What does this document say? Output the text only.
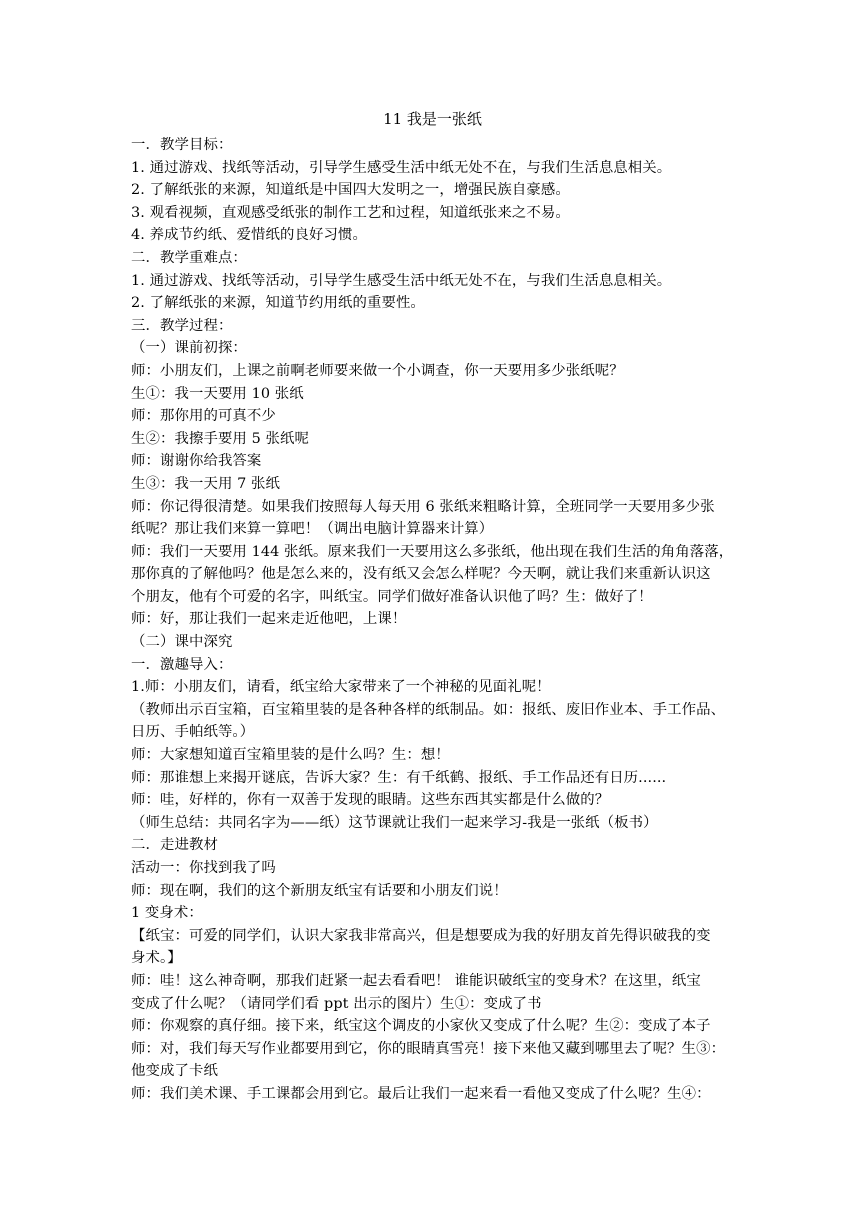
11 我是一张纸

一．教学目标：

1. 通过游戏、找纸等活动，引导学生感受生活中纸无处不在，与我们生活息息相关。

2. 了解纸张的来源，知道纸是中国四大发明之一，增强民族自豪感。

3. 观看视频，直观感受纸张的制作工艺和过程，知道纸张来之不易。

4. 养成节约纸、爱惜纸的良好习惯。

二．教学重难点：

1. 通过游戏、找纸等活动，引导学生感受生活中纸无处不在，与我们生活息息相关。

2. 了解纸张的来源，知道节约用纸的重要性。

三．教学过程：

（一）课前初探：

师：小朋友们，上课之前啊老师要来做一个小调查，你一天要用多少张纸呢？

生①：我一天要用 10 张纸

师：那你用的可真不少

生②：我擦手要用 5 张纸呢

师：谢谢你给我答案

生③：我一天用 7 张纸

师：你记得很清楚。如果我们按照每人每天用 6 张纸来粗略计算，全班同学一天要用多少张

纸呢？那让我们来算一算吧！（调出电脑计算器来计算）

师：我们一天要用 144 张纸。原来我们一天要用这么多张纸，他出现在我们生活的角角落落，

那你真的了解他吗？他是怎么来的，没有纸又会怎么样呢？今天啊，就让我们来重新认识这

个朋友，他有个可爱的名字，叫纸宝。同学们做好准备认识他了吗？生：做好了！

师：好，那让我们一起来走近他吧，上课！

（二）课中深究

一．激趣导入：

1.师：小朋友们，请看，纸宝给大家带来了一个神秘的见面礼呢！

（教师出示百宝箱，百宝箱里装的是各种各样的纸制品。如：报纸、废旧作业本、手工作品、

日历、手帕纸等。）

师：大家想知道百宝箱里装的是什么吗？生：想！

师：那谁想上来揭开谜底，告诉大家？生：有千纸鹤、报纸、手工作品还有日历......

师：哇，好样的，你有一双善于发现的眼睛。这些东西其实都是什么做的？

（师生总结：共同名字为——纸）这节课就让我们一起来学习-我是一张纸（板书）

二．走进教材

活动一：你找到我了吗

师：现在啊，我们的这个新朋友纸宝有话要和小朋友们说！

1 变身术：

【纸宝：可爱的同学们，认识大家我非常高兴，但是想要成为我的好朋友首先得识破我的变

身术。】

师：哇！这么神奇啊，那我们赶紧一起去看看吧！ 谁能识破纸宝的变身术？在这里，纸宝

变成了什么呢？（请同学们看 ppt 出示的图片）生①：变成了书

师：你观察的真仔细。接下来，纸宝这个调皮的小家伙又变成了什么呢？生②：变成了本子

师：对，我们每天写作业都要用到它，你的眼睛真雪亮！接下来他又藏到哪里去了呢？生③：

他变成了卡纸

师：我们美术课、手工课都会用到它。最后让我们一起来看一看他又变成了什么呢？生④：
